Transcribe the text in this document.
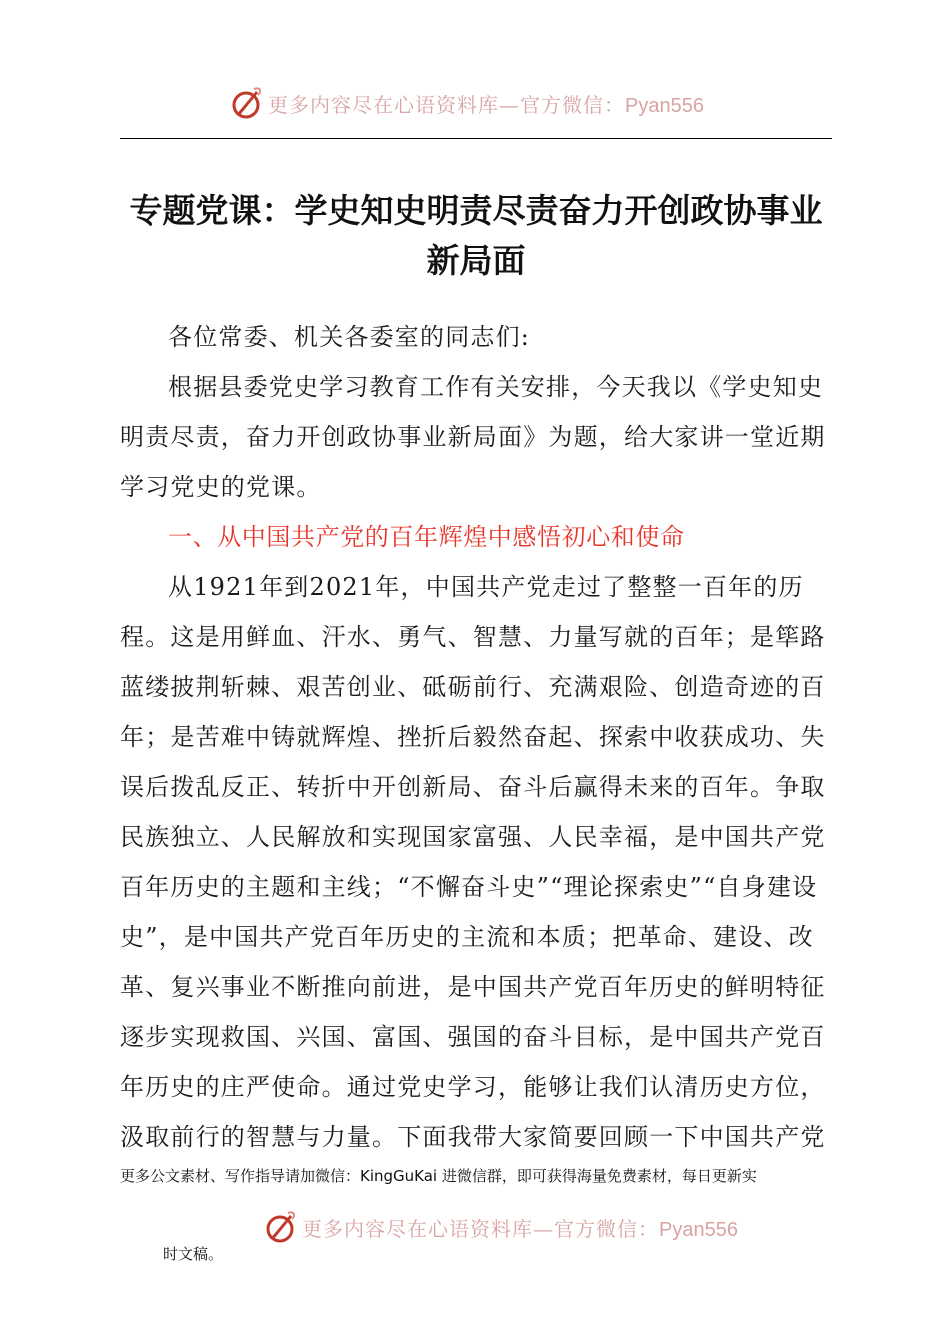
更多内容尽在心语资料库—官方微信：Pyan556
专题党课：学史知史明责尽责奋力开创政协事业新局面

各位常委、机关各委室的同志们:

根据县委党史学习教育工作有关安排，今天我以《学史知史明责尽责，奋力开创政协事业新局面》为题，给大家讲一堂近期学习党史的党课。

一、从中国共产党的百年辉煌中感悟初心和使命

从1921年到2021年，中国共产党走过了整整一百年的历程。这是用鲜血、汗水、勇气、智慧、力量写就的百年；是筚路蓝缕披荆斩棘、艰苦创业、砥砺前行、充满艰险、创造奇迹的百年；是苦难中铸就辉煌、挫折后毅然奋起、探索中收获成功、失误后拨乱反正、转折中开创新局、奋斗后赢得未来的百年。争取民族独立、人民解放和实现国家富强、人民幸福，是中国共产党百年历史的主题和主线；“不懈奋斗史”“理论探索史”“自身建设史”，是中国共产党百年历史的主流和本质；把革命、建设、改革、复兴事业不断推向前进，是中国共产党百年历史的鲜明特征逐步实现救国、兴国、富国、强国的奋斗目标，是中国共产党百年历史的庄严使命。通过党史学习，能够让我们认清历史方位，汲取前行的智慧与力量。下面我带大家简要回顾一下中国共产党

更多公文素材、写作指导请加微信：KingGuKai 进微信群，即可获得海量免费素材，每日更新实
更多内容尽在心语资料库—官方微信：Pyan556
时文稿。
